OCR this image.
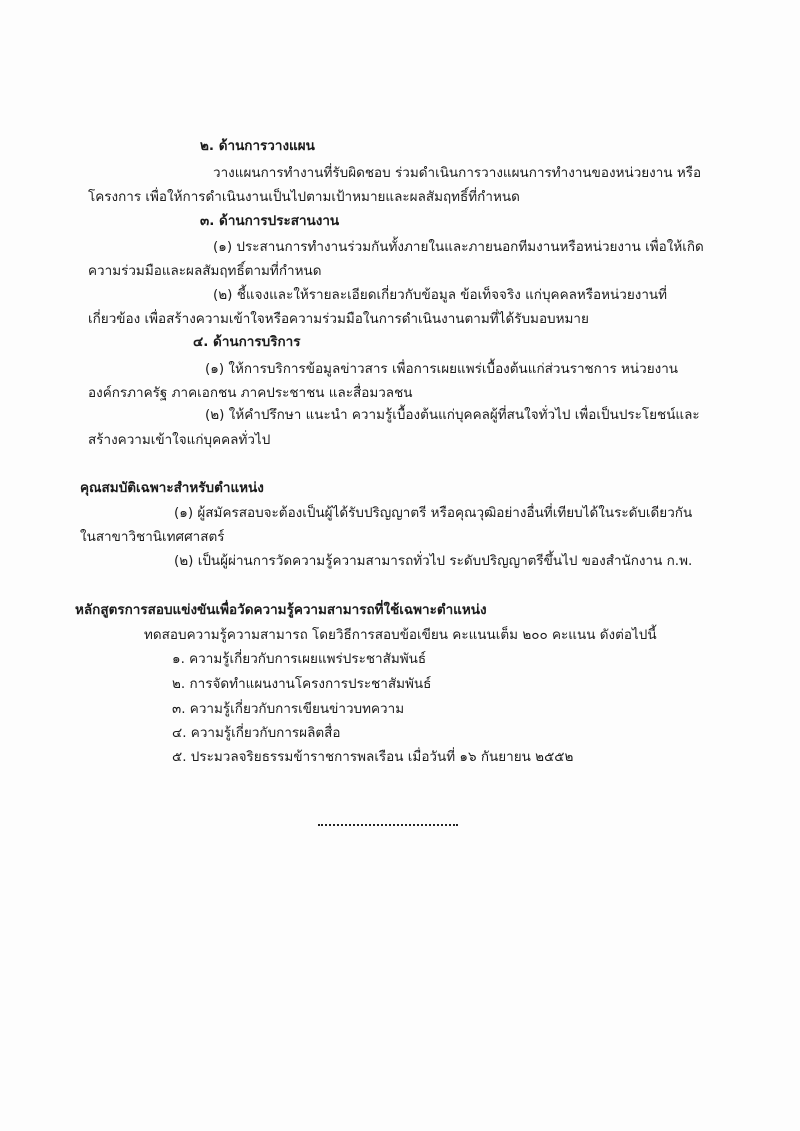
๒. ด้านการวางแผน
วางแผนการทำงานที่รับผิดชอบ ร่วมดำเนินการวางแผนการทำงานของหน่วยงาน หรือ
โครงการ เพื่อให้การดำเนินงานเป็นไปตามเป้าหมายและผลสัมฤทธิ์ที่กำหนด
๓. ด้านการประสานงาน
(๑) ประสานการทำงานร่วมกันทั้งภายในและภายนอกทีมงานหรือหน่วยงาน เพื่อให้เกิด
ความร่วมมือและผลสัมฤทธิ์ตามที่กำหนด
(๒) ชี้แจงและให้รายละเอียดเกี่ยวกับข้อมูล ข้อเท็จจริง แก่บุคคลหรือหน่วยงานที่
เกี่ยวข้อง เพื่อสร้างความเข้าใจหรือความร่วมมือในการดำเนินงานตามที่ได้รับมอบหมาย
๔. ด้านการบริการ
(๑) ให้การบริการข้อมูลข่าวสาร เพื่อการเผยแพร่เบื้องต้นแก่ส่วนราชการ หน่วยงาน
องค์กรภาครัฐ ภาคเอกชน ภาคประชาชน และสื่อมวลชน
(๒) ให้คำปรึกษา แนะนำ ความรู้เบื้องต้นแก่บุคคลผู้ที่สนใจทั่วไป เพื่อเป็นประโยชน์และ
สร้างความเข้าใจแก่บุคคลทั่วไป
คุณสมบัติเฉพาะสำหรับตำแหน่ง
(๑) ผู้สมัครสอบจะต้องเป็นผู้ได้รับปริญญาตรี หรือคุณวุฒิอย่างอื่นที่เทียบได้ในระดับเดียวกัน
ในสาขาวิชานิเทศศาสตร์
(๒) เป็นผู้ผ่านการวัดความรู้ความสามารถทั่วไป ระดับปริญญาตรีขึ้นไป ของสำนักงาน ก.พ.
หลักสูตรการสอบแข่งขันเพื่อวัดความรู้ความสามารถที่ใช้เฉพาะตำแหน่ง
ทดสอบความรู้ความสามารถ โดยวิธีการสอบข้อเขียน คะแนนเต็ม ๒๐๐ คะแนน ดังต่อไปนี้
๑. ความรู้เกี่ยวกับการเผยแพร่ประชาสัมพันธ์
๒. การจัดทำแผนงานโครงการประชาสัมพันธ์
๓. ความรู้เกี่ยวกับการเขียนข่าวบทความ
๔. ความรู้เกี่ยวกับการผลิตสื่อ
๕. ประมวลจริยธรรมข้าราชการพลเรือน เมื่อวันที่ ๑๖ กันยายน ๒๕๕๒
